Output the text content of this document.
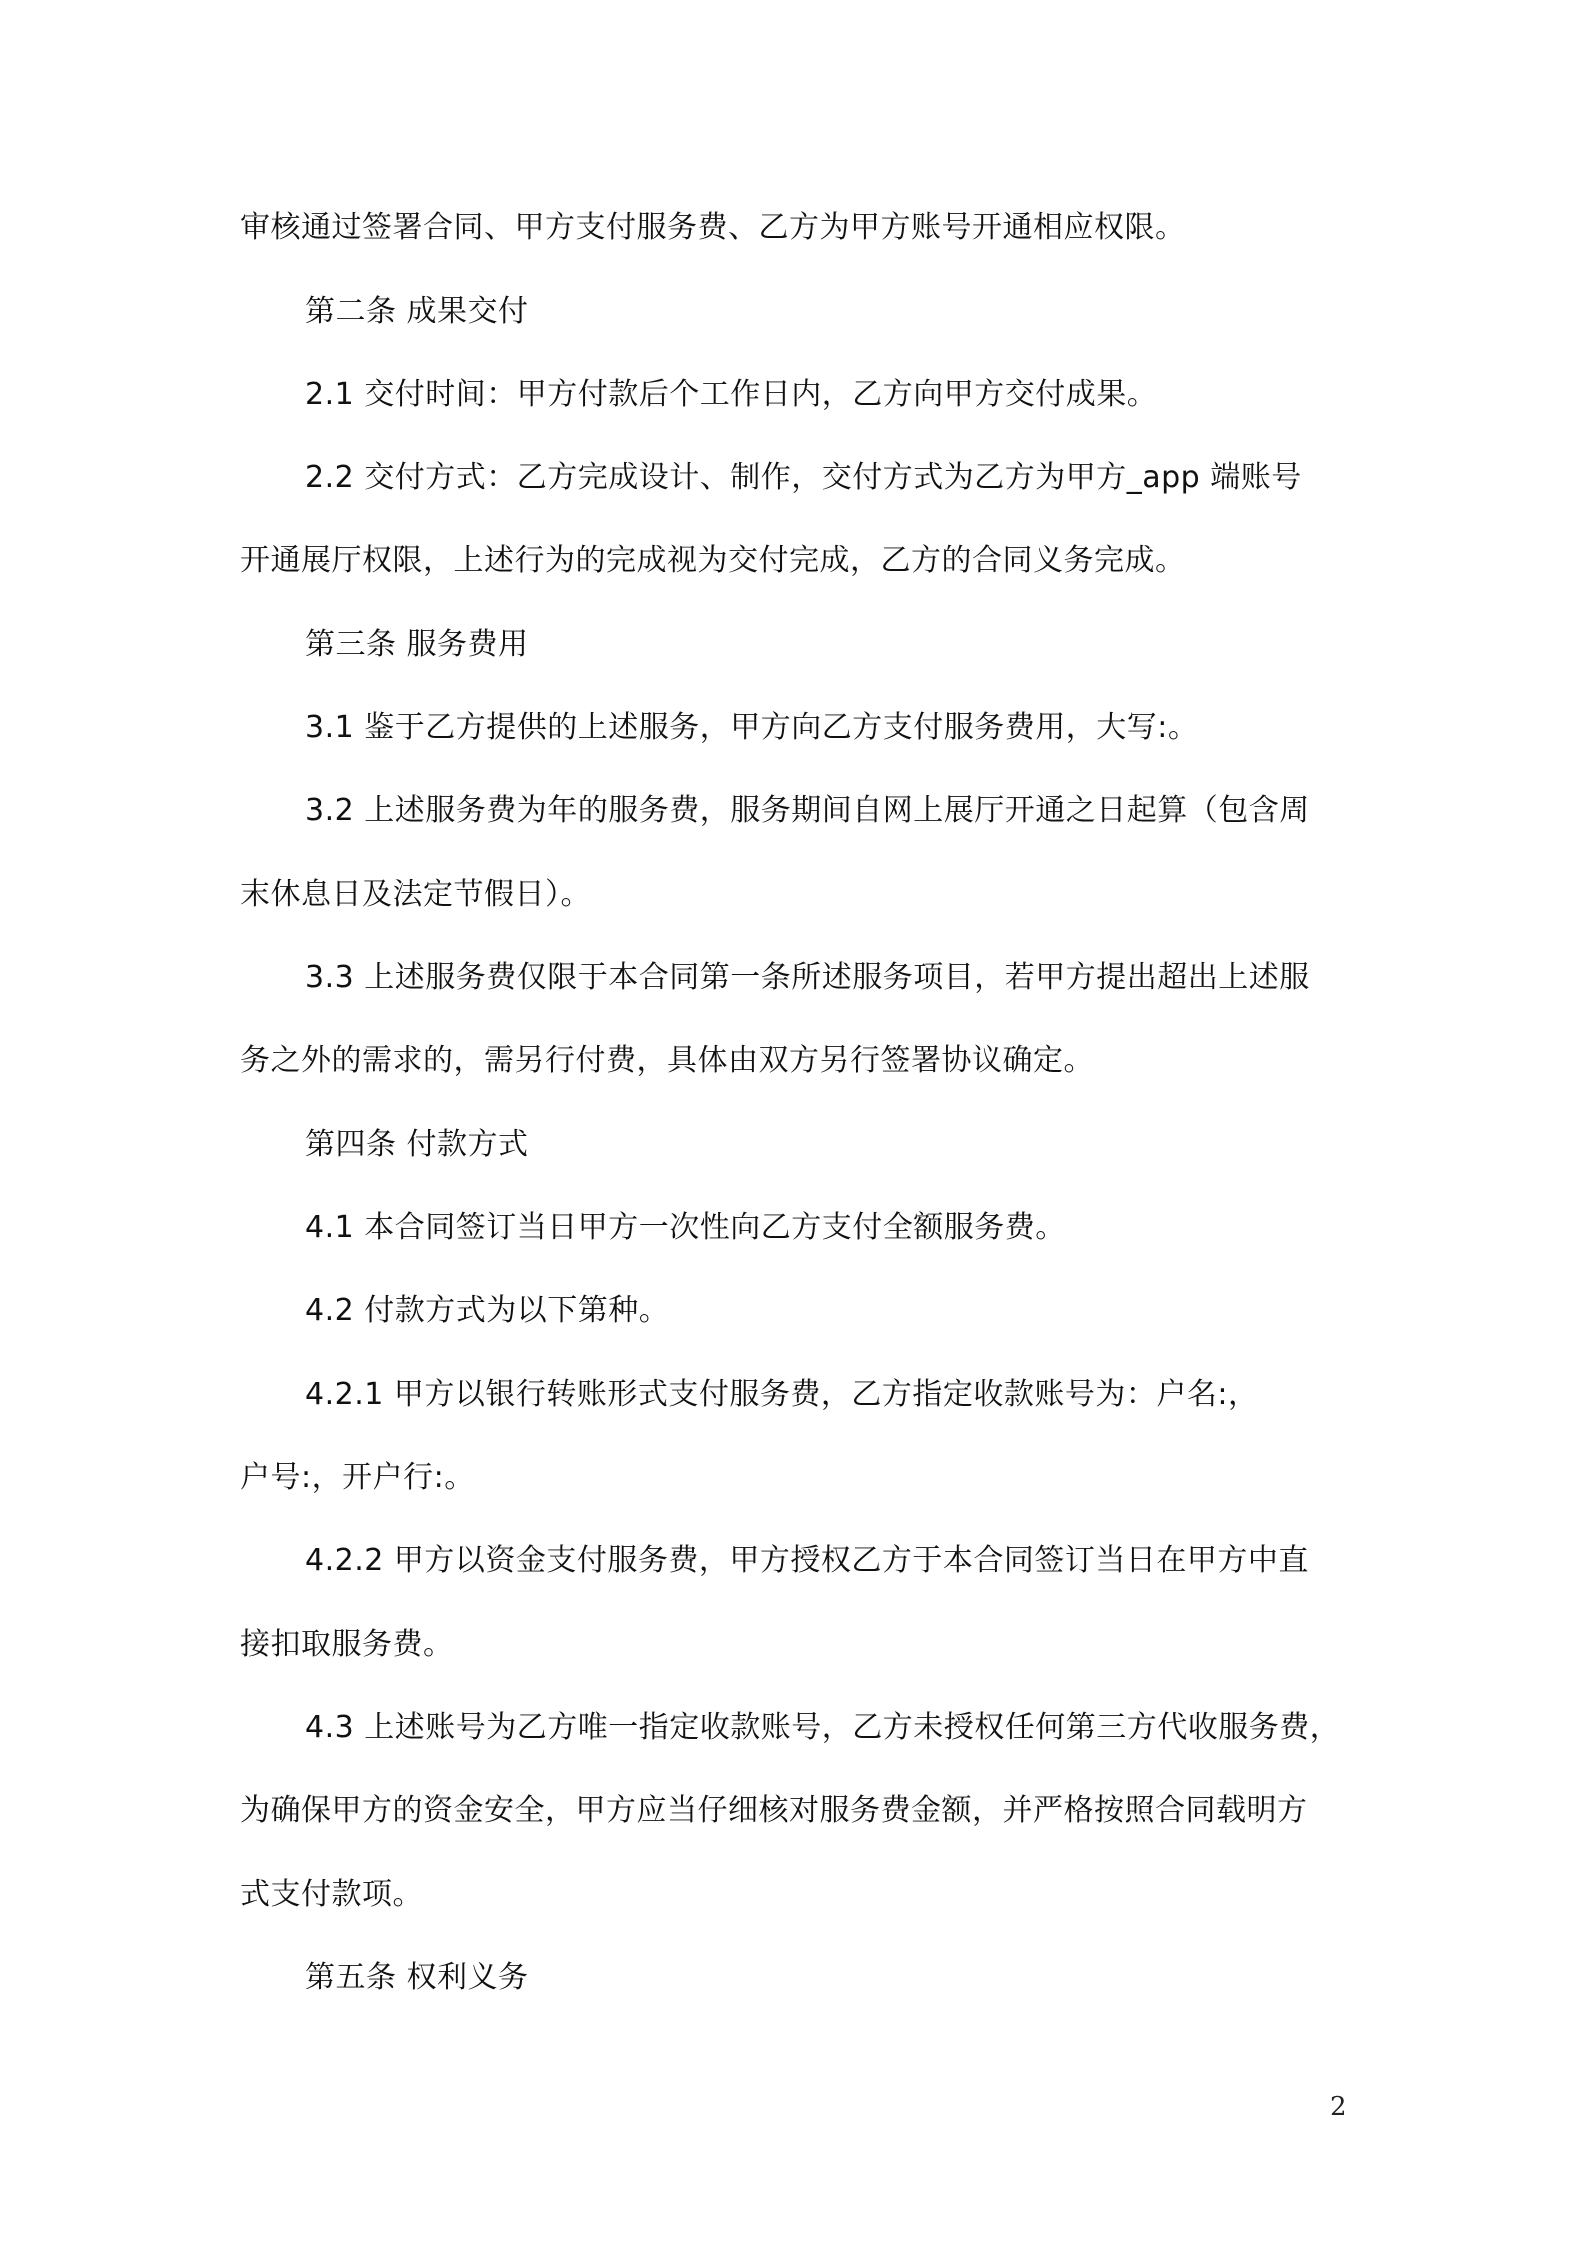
审核通过签署合同、甲方支付服务费、乙方为甲方账号开通相应权限。
第二条 成果交付
2.1 交付时间：甲方付款后个工作日内，乙方向甲方交付成果。
2.2 交付方式：乙方完成设计、制作，交付方式为乙方为甲方_app 端账号
开通展厅权限，上述行为的完成视为交付完成，乙方的合同义务完成。
第三条 服务费用
3.1 鉴于乙方提供的上述服务，甲方向乙方支付服务费用，大写:。
3.2 上述服务费为年的服务费，服务期间自网上展厅开通之日起算（包含周
末休息日及法定节假日）。
3.3 上述服务费仅限于本合同第一条所述服务项目，若甲方提出超出上述服
务之外的需求的，需另行付费，具体由双方另行签署协议确定。
第四条 付款方式
4.1 本合同签订当日甲方一次性向乙方支付全额服务费。
4.2 付款方式为以下第种。
4.2.1 甲方以银行转账形式支付服务费，乙方指定收款账号为：户名:，
户号:，开户行:。
4.2.2 甲方以资金支付服务费，甲方授权乙方于本合同签订当日在甲方中直
接扣取服务费。
4.3 上述账号为乙方唯一指定收款账号，乙方未授权任何第三方代收服务费，
为确保甲方的资金安全，甲方应当仔细核对服务费金额，并严格按照合同载明方
式支付款项。
第五条 权利义务
2
